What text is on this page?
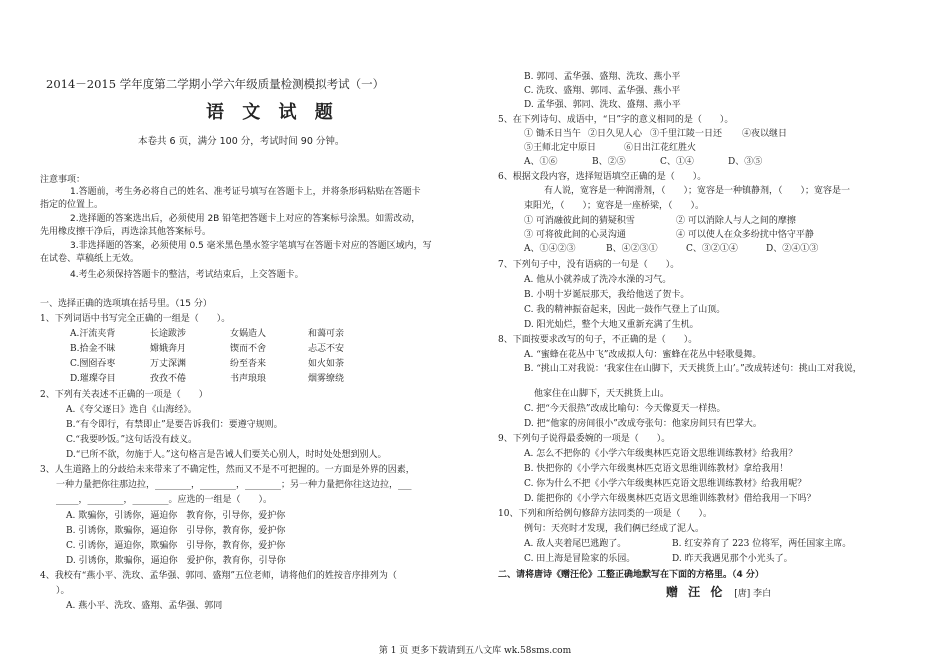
2014－2015 学年度第二学期小学六年级质量检测模拟考试（一）
语 文 试 题
本卷共 6 页，满分 100 分，考试时间 90 分钟。
注意事项：
1.答题前，考生务必将自己的姓名、准考证号填写在答题卡上，并将条形码粘贴在答题卡
指定的位置上。
2.选择题的答案选出后，必须使用 2B 铅笔把答题卡上对应的答案标号涂黑。如需改动，
先用橡皮擦干净后，再选涂其他答案标号。
3.非选择题的答案，必须使用 0.5 毫米黑色墨水签字笔填写在答题卡对应的答题区域内，写
在试卷、草稿纸上无效。
4.考生必须保持答题卡的整洁，考试结束后，上交答题卡。
一、选择正确的选项填在括号里。（15 分）
1、下列词语中书写完全正确的一组是（　　）。
A.汗流夹背	长途跋涉	女娲造人	和蔼可亲
B.拾金不昧	嫦娥奔月	锲而不舍	忐忑不安
C.囫囵吞枣	万丈深渊	纷至沓来	如火如荼
D.璀璨夺目	孜孜不倦	书声琅琅	烟雾缭绕
2、下列有关表述不正确的一项是（　　）
A.《夸父逐日》选自《山海经》。
B.“有令即行，有禁即止”是要告诉我们：要遵守规则。
C.“我要吵饭。”这句话没有歧义。
D.“已所不欲，勿施于人。”这句格言是告诫人们要关心别人，时时处处想到别人。
3、人生道路上的分歧给未来带来了不确定性，然而又不是不可把握的。一方面是外界的因素，
一种力量把你往那边拉，________，________，________；另一种力量把你往这边拉，___
_____，________，________。应选的一组是（　　）。
A. 欺骗你，引诱你，逼迫你　教育你，引导你，爱护你
B. 引诱你，欺骗你，逼迫你　引导你，教育你，爱护你
C. 引诱你，逼迫你，欺骗你　引导你，教育你，爱护你
D. 引诱你，欺骗你，逼迫你　爱护你，教育你，引导你
4、我校有“燕小平、洗玫、孟华强、郭同、盛翔”五位老师，请将他们的姓按音序排列为（
）。
A. 燕小平、洗玫、盛翔、孟华强、郭同
B. 郭同、孟华强、盛翔、洗玫、燕小平
C. 洗玫、盛翔、郭同、孟华强、燕小平
D. 孟华强、郭同、洗玫、盛翔、燕小平
5、在下列诗句、成语中，“日”字的意义相同的是（　　）。
① 锄禾日当午 ②日久见人心 ③千里江陵一日还 ④夜以继日
⑤王师北定中原日	⑥日出江花红胜火
A、①⑥	B、②⑤	C、①④	D、③⑤
6、根据文段内容，选择短语填空正确的是（　　）。
有人说，宽容是一种润滑剂，（　　）；宽容是一种镇静剂，（　　）；宽容是一
束阳光，（　　）；宽容是一座桥梁，（　　）。
① 可消融彼此间的猜疑积雪	② 可以消除人与人之间的摩擦
③ 可将彼此间的心灵沟通	④ 可以使人在众多纷扰中恪守平静
A、①④②③	B、④②③①	C、③②①④	D、②④①③
7、下列句子中，没有语病的一句是（　　）。
A. 他从小就养成了洗冷水澡的习气。
B. 小明十岁诞辰那天，我给他送了贺卡。
C. 我的精神振奋起来，因此一鼓作气登上了山顶。
D. 阳光灿烂，整个大地又重新充满了生机。
8、下面按要求改写的句子，不正确的是（　　）。
A. “蜜蜂在花丛中飞”改成拟人句：蜜蜂在花丛中轻歌曼舞。
B. “挑山工对我说：‘我家住在山脚下，天天挑货上山’。”改成转述句：挑山工对我说，
他家住在山脚下，天天挑货上山。
C. 把“今天很热”改成比喻句：今天像夏天一样热。
D. 把“他家的房间很小”改成夸张句：他家房间只有巴掌大。
9、下列句子说得最委婉的一项是（　　）。
A. 怎么不把你的《小学六年级奥林匹克语文思维训练教材》给我用？
B. 快把你的《小学六年级奥林匹克语文思维训练教材》拿给我用！
C. 你为什么不把《小学六年级奥林匹克语文思维训练教材》给我用呢？
D. 能把你的《小学六年级奥林匹克语文思维训练教材》借给我用一下吗？
10、下列和所给例句修辞方法同类的一项是（　　）。
例句：天亮时才发现，我们俩已经成了泥人。
A. 敌人夹着尾巴逃跑了。	B. 红安养育了 223 位将军，两任国家主席。
C. 田上海是冒险家的乐园。	D. 昨天我遇见那个小光头了。
二、请将唐诗《赠汪伦》工整正确地默写在下面的方格里。（4 分）
赠 汪 伦 [唐] 李白
第 1 页 更多下载请到五八文库 wk.58sms.com
